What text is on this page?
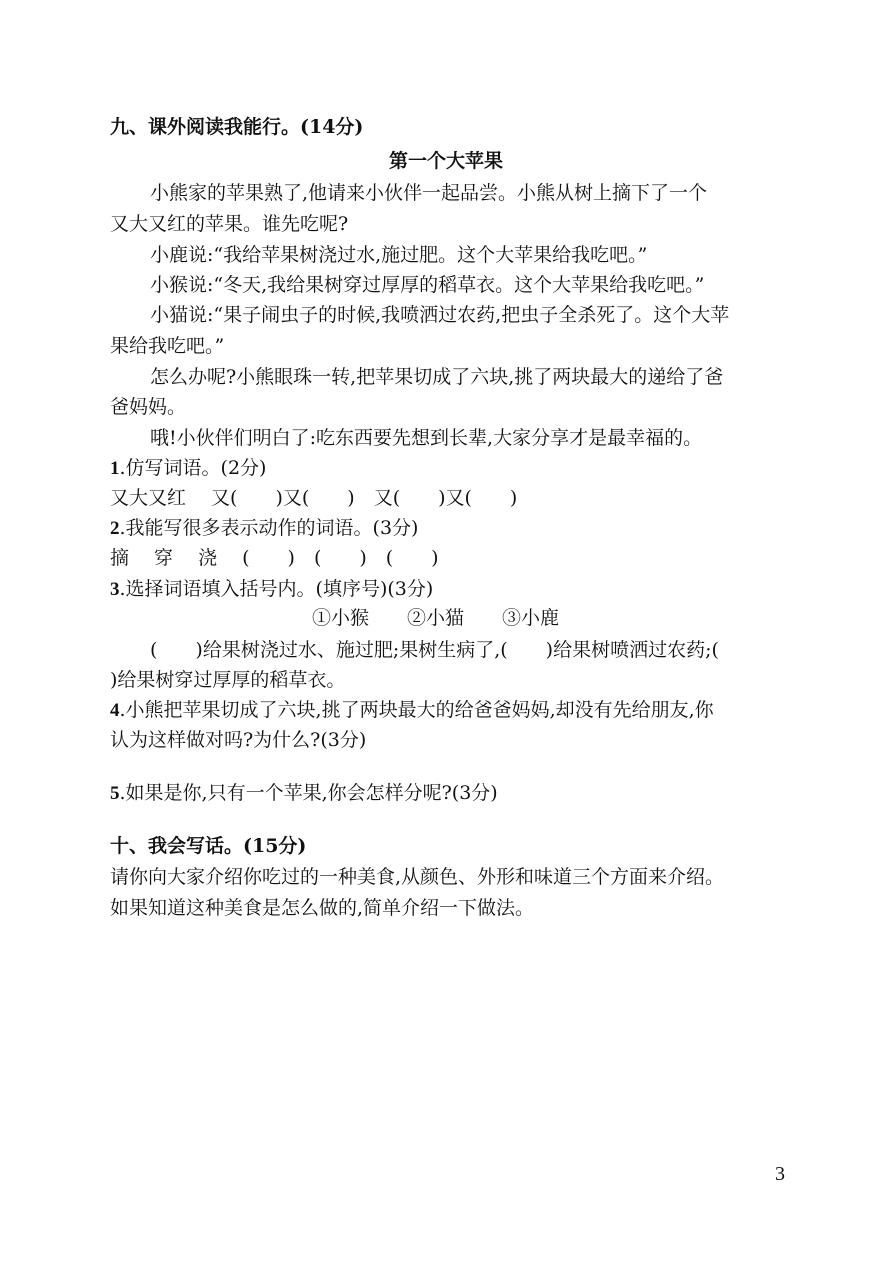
九、课外阅读我能行。(14分)
第一个大苹果
小熊家的苹果熟了,他请来小伙伴一起品尝。小熊从树上摘下了一个
又大又红的苹果。谁先吃呢?
小鹿说:“我给苹果树浇过水,施过肥。这个大苹果给我吃吧。”
小猴说:“冬天,我给果树穿过厚厚的稻草衣。这个大苹果给我吃吧。”
小猫说:“果子闹虫子的时候,我喷洒过农药,把虫子全杀死了。这个大苹
果给我吃吧。”
怎么办呢?小熊眼珠一转,把苹果切成了六块,挑了两块最大的递给了爸
爸妈妈。
哦!小伙伴们明白了:吃东西要先想到长辈,大家分享才是最幸福的。
1.仿写词语。(2分)
又大又红　 又(　　)又(　　)　又(　　)又(　　)
2.我能写很多表示动作的词语。(3分)
摘　 穿　 浇　 (　　)　(　　)　(　　)
3.选择词语填入括号内。(填序号)(3分)
①小猴　　②小猫　　③小鹿
(　　)给果树浇过水、施过肥;果树生病了,(　　)给果树喷洒过农药;(
)给果树穿过厚厚的稻草衣。
4.小熊把苹果切成了六块,挑了两块最大的给爸爸妈妈,却没有先给朋友,你
认为这样做对吗?为什么?(3分)
5.如果是你,只有一个苹果,你会怎样分呢?(3分)
十、我会写话。(15分)
请你向大家介绍你吃过的一种美食,从颜色、外形和味道三个方面来介绍。
如果知道这种美食是怎么做的,简单介绍一下做法。
3
